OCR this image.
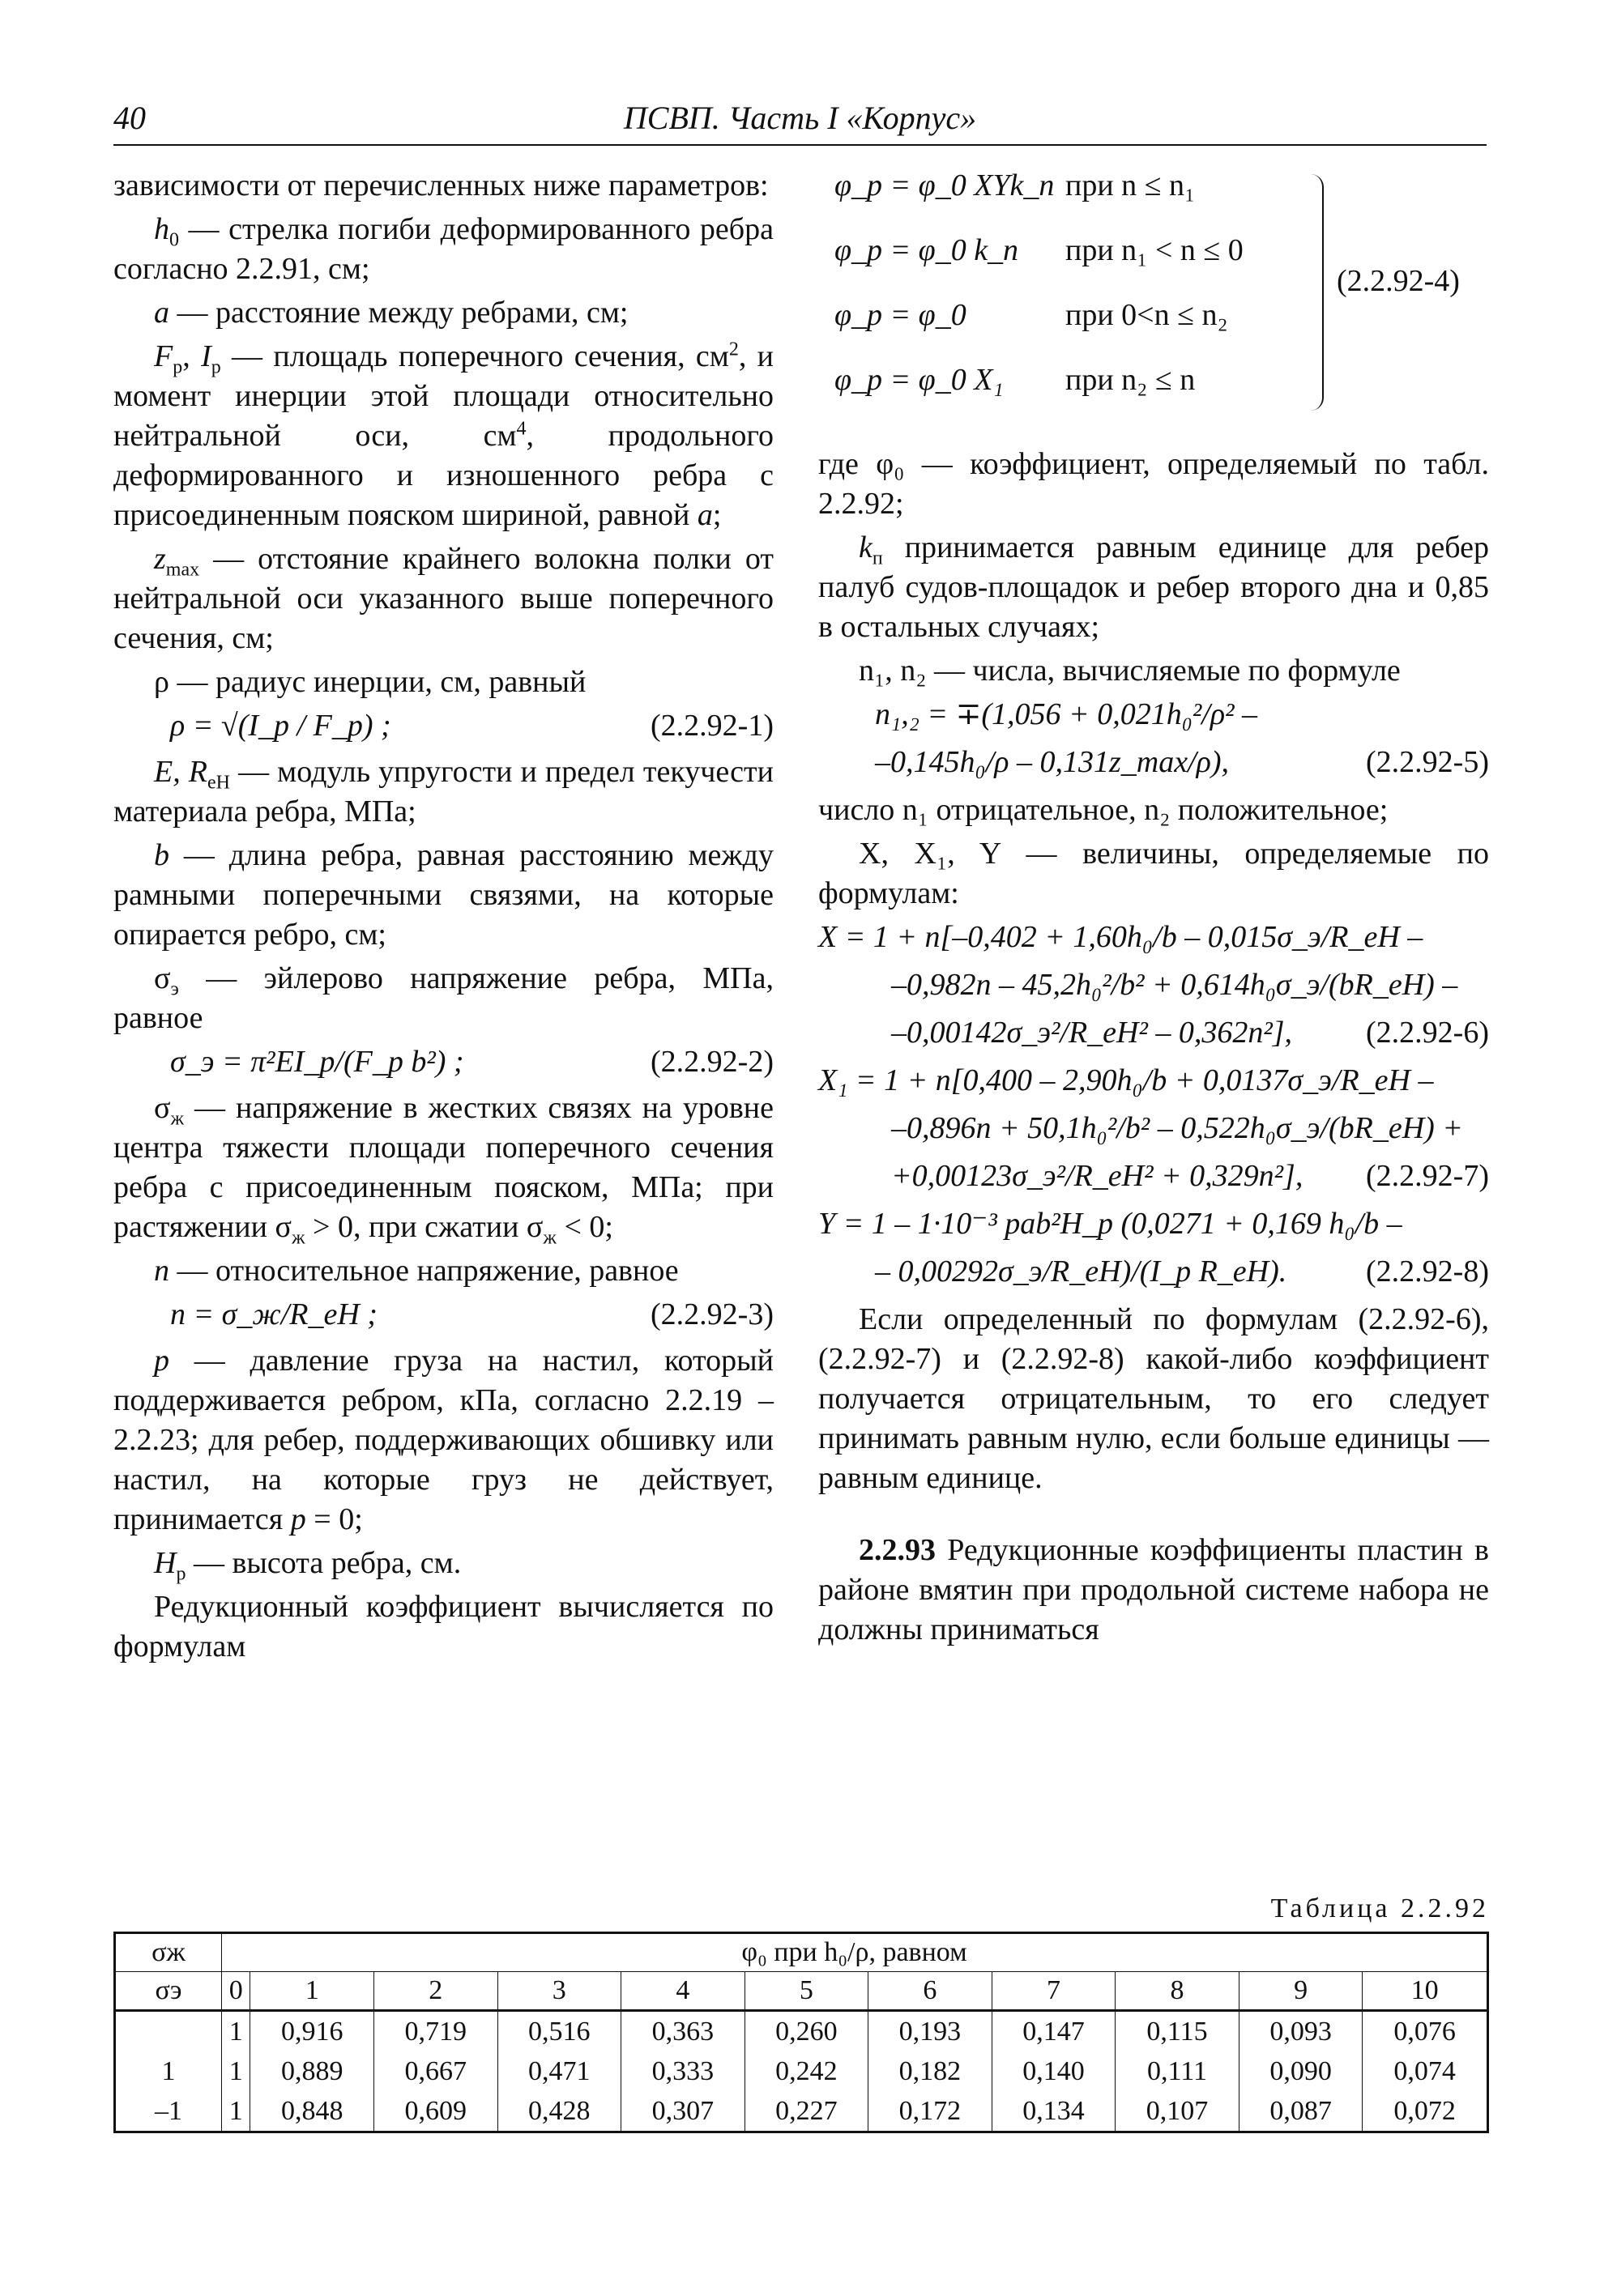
40	ПСВП. Часть I «Корпус»

зависимости от перечисленных ниже параметров:

$h_0$ — стрелка погиби деформированного ребра согласно 2.2.91, см;

a — расстояние между ребрами, см;

$F_р$, $I_р$ — площадь поперечного сечения, $см^2$, и момент инерции этой площади относительно нейтральной оси, $см^4$, продольного деформированного и изношенного ребра с присоединенным пояском шириной, равной a;

$z_{max}$ — отстояние крайнего волокна полки от нейтральной оси указанного выше поперечного сечения, см;

ρ — радиус инерции, см, равный

ρ = √(I_р / F_р) ;	(2.2.92-1)

E, $R_{eH}$ — модуль упругости и предел текучести материала ребра, МПа;

b — длина ребра, равная расстоянию между рамными поперечными связями, на которые опирается ребро, см;

$\sigma_э$ — эйлерово напряжение ребра, МПа, равное

σ_э = π²EI_р/(F_р b²) ;	(2.2.92-2)

$\sigma_ж$ — напряжение в жестких связях на уровне центра тяжести площади поперечного сечения ребра с присоединенным пояском, МПа; при растяжении $\sigma_ж > 0$, при сжатии $\sigma_ж < 0$;

n — относительное напряжение, равное

n = σ_ж/R_eH ;	(2.2.92-3)

p — давление груза на настил, который поддерживается ребром, кПа, согласно 2.2.19 – 2.2.23; для ребер, поддерживающих обшивку или настил, на которые груз не действует, принимается p = 0;

$H_р$ — высота ребра, см.

Редукционный коэффициент вычисляется по формулам

φ_р = φ_0 XYk_п при n ≤ n₁
φ_р = φ_0 k_п при n₁ < n ≤ 0
φ_р = φ_0	при 0<n ≤ n₂
φ_р = φ_0 X₁ при n₂ ≤ n
(2.2.92-4)

где φ₀ — коэффициент, определяемый по табл. 2.2.92;

$k_п$ принимается равным единице для ребер палуб судов-площадок и ребер второго дна и 0,85 в остальных случаях;

n₁, n₂ — числа, вычисляемые по формуле

n₁,₂ = ∓(1,056 + 0,021h₀²/ρ² –
–0,145h₀/ρ – 0,131z_max/ρ),	(2.2.92-5)

число n₁ отрицательное, n₂ положительное;

X, X₁, Y — величины, определяемые по формулам:

X = 1 + n[–0,402 + 1,60h₀/b – 0,015σ_э/R_eH –
–0,982n – 45,2h₀²/b² + 0,614h₀σ_э/(bR_eH) –
–0,00142σ_э²/R_eH² – 0,362n²], (2.2.92-6)
X₁ = 1 + n[0,400 – 2,90h₀/b + 0,0137σ_э/R_eH –
–0,896n + 50,1h₀²/b² – 0,522h₀σ_э/(bR_eH) +
+0,00123σ_э²/R_eH² + 0,329n²], (2.2.92-7)
Y = 1 – 1·10⁻³ pab²H_р (0,0271 + 0,169 h₀/b –
– 0,00292σ_э/R_eH)/(I_р R_eH).	(2.2.92-8)

Если определенный по формулам (2.2.92-6), (2.2.92-7) и (2.2.92-8) какой-либо коэффициент получается отрицательным, то его следует принимать равным нулю, если больше единицы — равным единице.

2.2.93 Редукционные коэффициенты пластин в районе вмятин при продольной системе набора не должны приниматься

Таблица 2.2.92
σж	φ₀ при h₀/ρ, равном										
σэ	0	1	2	3	4	5	6	7	8	9	10
	1	0,916	0,719	0,516	0,363	0,260	0,193	0,147	0,115	0,093	0,076
1	1	0,889	0,667	0,471	0,333	0,242	0,182	0,140	0,111	0,090	0,074
–1	1	0,848	0,609	0,428	0,307	0,227	0,172	0,134	0,107	0,087	0,072
